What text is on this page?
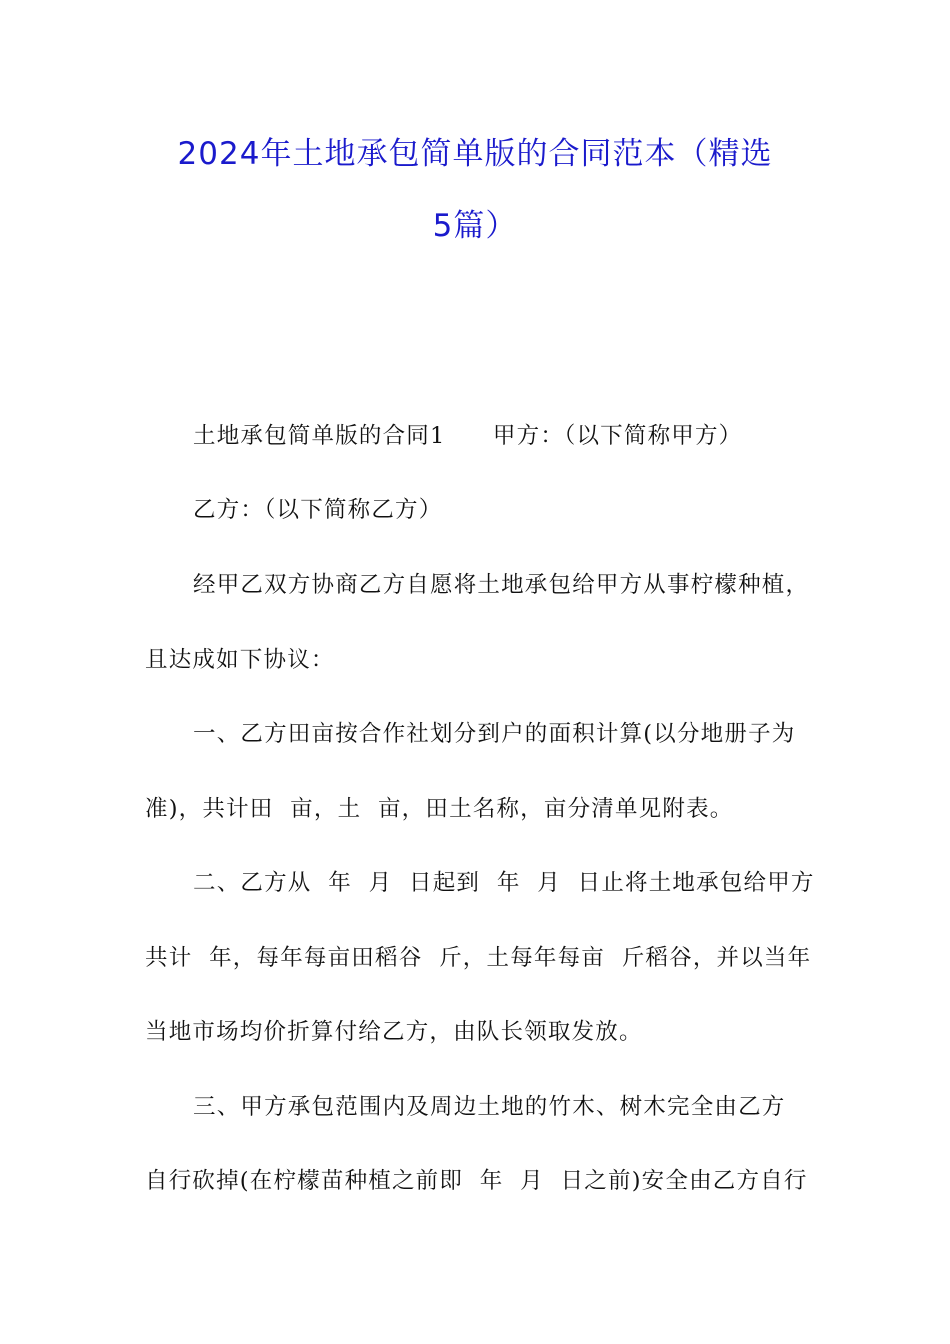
2024年土地承包简单版的合同范本（精选
5篇）
土地承包简单版的合同1　　甲方：（以下简称甲方）
乙方：（以下简称乙方）
经甲乙双方协商乙方自愿将土地承包给甲方从事柠檬种植，
且达成如下协议：
一、乙方田亩按合作社划分到户的面积计算(以分地册子为
准)，共计田  亩，土  亩，田土名称，亩分清单见附表。
二、乙方从  年  月  日起到  年  月  日止将土地承包给甲方
共计  年，每年每亩田稻谷  斤，土每年每亩  斤稻谷，并以当年
当地市场均价折算付给乙方，由队长领取发放。
三、甲方承包范围内及周边土地的竹木、树木完全由乙方
自行砍掉(在柠檬苗种植之前即  年  月  日之前)安全由乙方自行
